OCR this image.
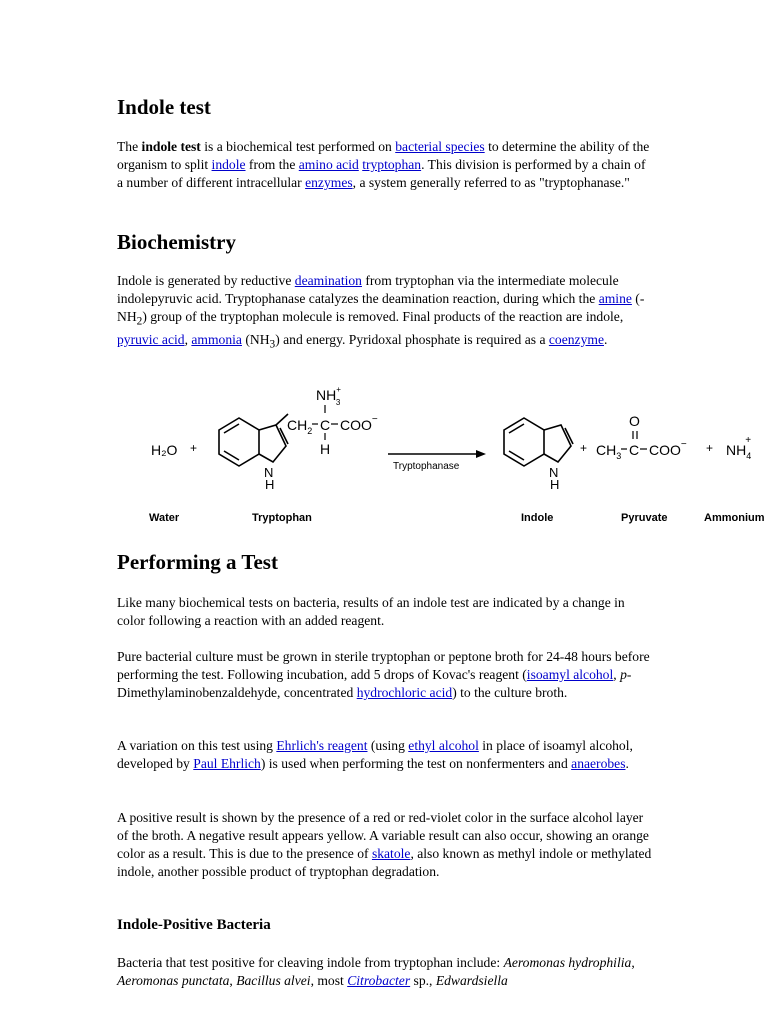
Indole test

The indole test is a biochemical test performed on bacterial species to determine the ability of the organism to split indole from the amino acid tryptophan. This division is performed by a chain of a number of different intracellular enzymes, a system generally referred to as "tryptophanase."

Biochemistry

Indole is generated by reductive deamination from tryptophan via the intermediate molecule indolepyruvic acid. Tryptophanase catalyzes the deamination reaction, during which the amine $(-NH_2)$ group of the tryptophan molecule is removed. Final products of the reaction are indole, pyruvic acid, ammonia $(NH_3)$ and energy. Pyridoxal phosphate is required as a coenzyme.

Performing a Test

Like many biochemical tests on bacteria, results of an indole test are indicated by a change in color following a reaction with an added reagent.

Pure bacterial culture must be grown in sterile tryptophan or peptone broth for 24-48 hours before performing the test. Following incubation, add 5 drops of Kovac's reagent (isoamyl alcohol, p-Dimethylaminobenzaldehyde, concentrated hydrochloric acid) to the culture broth.

A variation on this test using Ehrlich's reagent (using ethyl alcohol in place of isoamyl alcohol, developed by Paul Ehrlich) is used when performing the test on nonfermenters and anaerobes.

A positive result is shown by the presence of a red or red-violet color in the surface alcohol layer of the broth. A negative result appears yellow. A variable result can also occur, showing an orange color as a result. This is due to the presence of skatole, also known as methyl indole or methylated indole, another possible product of tryptophan degradation.

Indole-Positive Bacteria

Bacteria that test positive for cleaving indole from tryptophan include: Aeromonas hydrophilia, Aeromonas punctata, Bacillus alvei, most Citrobacter sp., Edwardsiella

H₂O +
N
H
$CH_2$ C COO−
NH+ 3
H
Tryptophanase	N
H
+ $CH_3$ C COO−
O
+ $NH_4+$
Water	Tryptophan	Indole	Pyruvate	Ammonium
